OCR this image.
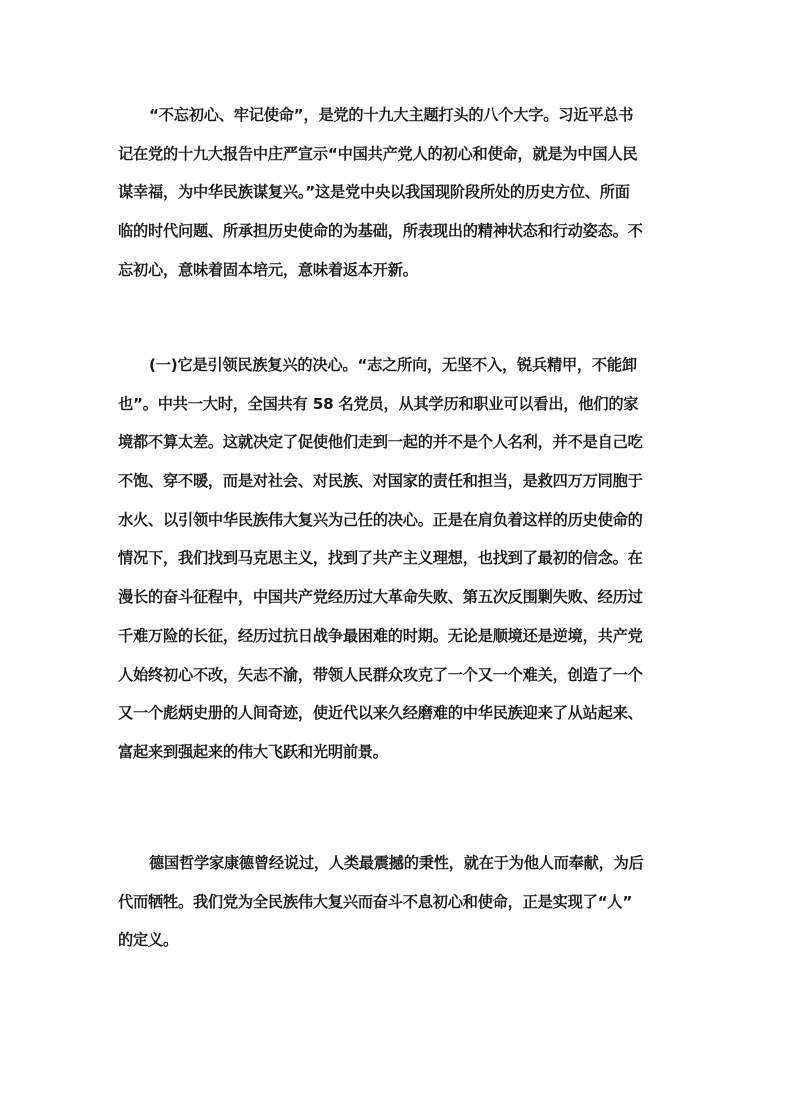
“不忘初心、牢记使命”，是党的十九大主题打头的八个大字。习近平总书
记在党的十九大报告中庄严宣示“中国共产党人的初心和使命，就是为中国人民
谋幸福，为中华民族谋复兴。”这是党中央以我国现阶段所处的历史方位、所面
临的时代问题、所承担历史使命的为基础，所表现出的精神状态和行动姿态。不
忘初心，意味着固本培元，意味着返本开新。
(一)它是引领民族复兴的决心。“志之所向，无坚不入，锐兵精甲，不能卸
也”。中共一大时，全国共有 58 名党员，从其学历和职业可以看出，他们的家
境都不算太差。这就决定了促使他们走到一起的并不是个人名利，并不是自己吃
不饱、穿不暖，而是对社会、对民族、对国家的责任和担当，是救四万万同胞于
水火、以引领中华民族伟大复兴为己任的决心。正是在肩负着这样的历史使命的
情况下，我们找到马克思主义，找到了共产主义理想，也找到了最初的信念。在
漫长的奋斗征程中，中国共产党经历过大革命失败、第五次反围剿失败、经历过
千难万险的长征，经历过抗日战争最困难的时期。无论是顺境还是逆境，共产党
人始终初心不改，矢志不渝，带领人民群众攻克了一个又一个难关，创造了一个
又一个彪炳史册的人间奇迹，使近代以来久经磨难的中华民族迎来了从站起来、
富起来到强起来的伟大飞跃和光明前景。
德国哲学家康德曾经说过，人类最震撼的秉性，就在于为他人而奉献，为后
代而牺牲。我们党为全民族伟大复兴而奋斗不息初心和使命，正是实现了“人”
的定义。
